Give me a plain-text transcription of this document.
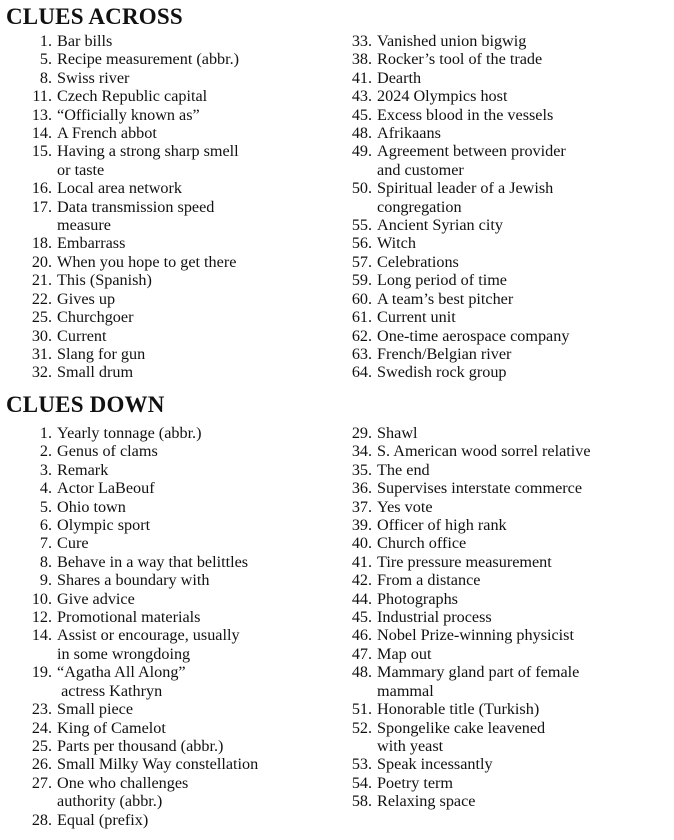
CLUES ACROSS
1 . Bar bills
5 . Recipe measurement (abbr.)
8 . Swiss river
11 . Czech Republic capital
13 . “Officially known as”
14 . A French abbot
15 . Having a strong sharp smell
or taste
16 . Local area network
17 . Data transmission speed
measure
18 . Embarrass
20 . When you hope to get there
21 . This (Spanish)
22 . Gives up
25 . Churchgoer
30 . Current
31 . Slang for gun
32 . Small drum
33 . Vanished union bigwig
38 . Rocker’s tool of the trade
41 . Dearth
43 . 2024 Olympics host
45 . Excess blood in the vessels
48 . Afrikaans
49 . Agreement between provider
and customer
50 . Spiritual leader of a Jewish
congregation
55 . Ancient Syrian city
56 . Witch
57 . Celebrations
59 . Long period of time
60 . A team’s best pitcher
61 . Current unit
62 . One-time aerospace company
63 . French/Belgian river
64 . Swedish rock group
CLUES DOWN
1 . Yearly tonnage (abbr.)
2 . Genus of clams
3 . Remark
4 . Actor LaBeouf
5 . Ohio town
6 . Olympic sport
7 . Cure
8 . Behave in a way that belittles
9 . Shares a boundary with
10 . Give advice
12 . Promotional materials
14 . Assist or encourage, usually
in some wrongdoing
19 . “Agatha All Along”
actress Kathryn
23 . Small piece
24 . King of Camelot
25 . Parts per thousand (abbr.)
26 . Small Milky Way constellation
27 . One who challenges
authority (abbr.)
28 . Equal (prefix)
29 . Shawl
34 . S. American wood sorrel relative
35 . The end
36 . Supervises interstate commerce
37 . Yes vote
39 . Officer of high rank
40 . Church office
41 . Tire pressure measurement
42 . From a distance
44 . Photographs
45 . Industrial process
46 . Nobel Prize-winning physicist
47 . Map out
48 . Mammary gland part of female
mammal
51 . Honorable title (Turkish)
52 . Spongelike cake leavened
with yeast
53 . Speak incessantly
54 . Poetry term
58 . Relaxing space
